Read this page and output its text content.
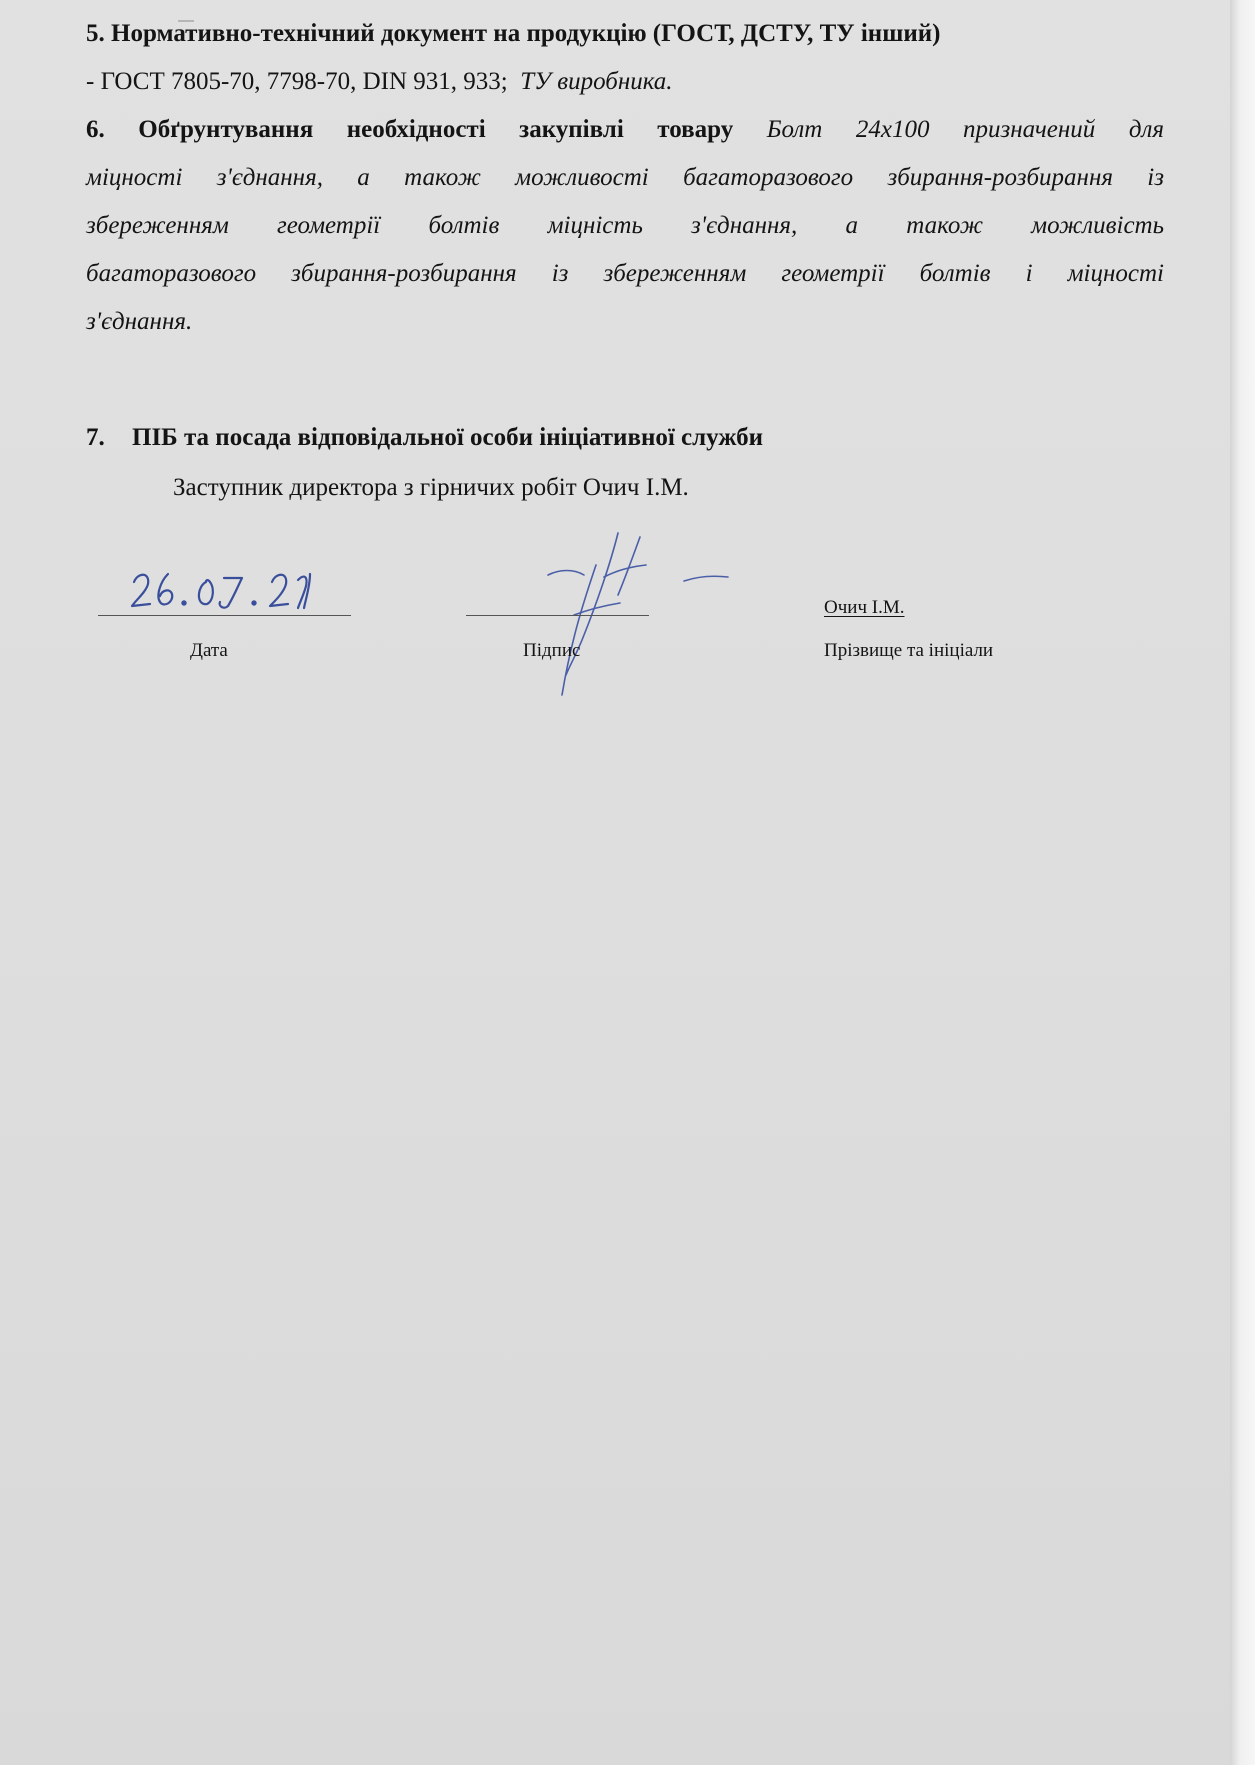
5. Нормативно-технічний документ на продукцію (ГОСТ, ДСТУ, ТУ інший)
- ГОСТ 7805-70, 7798-70, DIN 931, 933; ТУ виробника.
6. Обґрунтування необхідності закупівлі товару Болт 24х100 призначений для
міцності з'єднання, а також можливості багаторазового збирання-розбирання із
збереженням геометрії болтів міцність з'єднання, а також можливість
багаторазового збирання-розбирання із збереженням геометрії болтів і міцності
з'єднання.
7. ПІБ та посада відповідальної особи ініціативної служби
Заступник директора з гірничих робіт Очич І.М.
Очич І.М.
Дата	Підпис	Прізвище та ініціали
